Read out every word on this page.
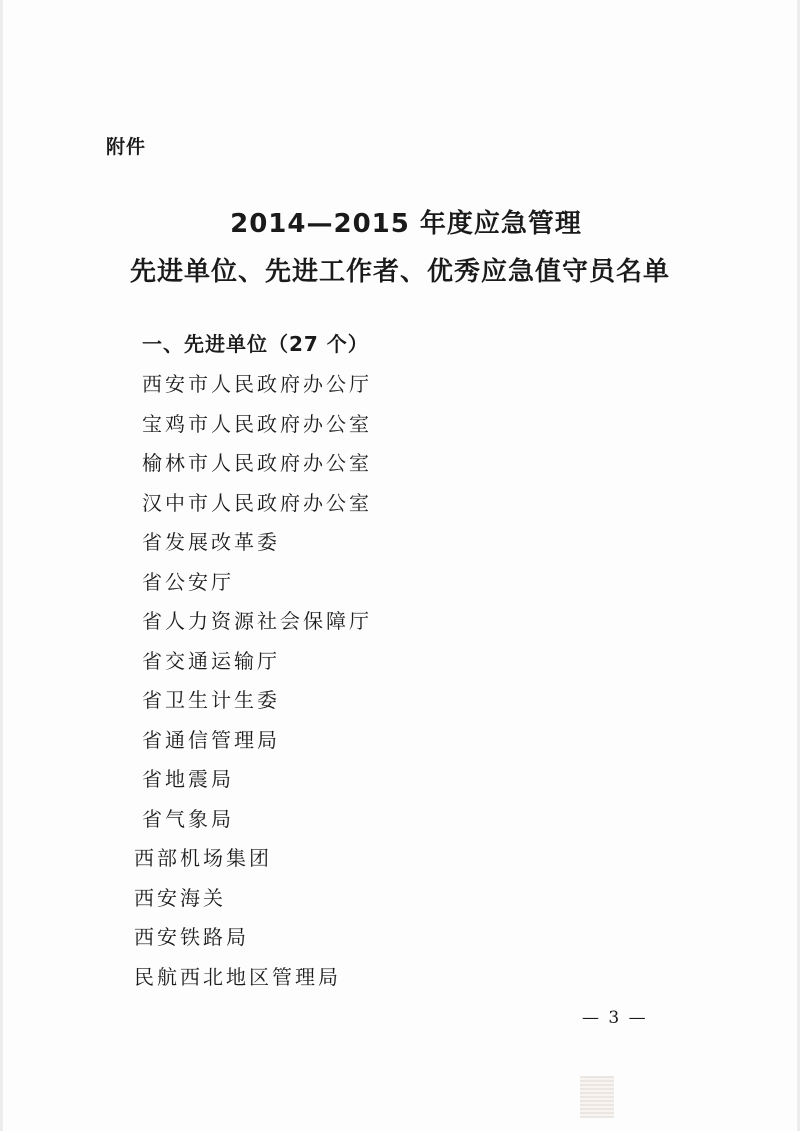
附件
2014—2015 年度应急管理
先进单位、先进工作者、优秀应急值守员名单
一、先进单位（27 个）
西安市人民政府办公厅
宝鸡市人民政府办公室
榆林市人民政府办公室
汉中市人民政府办公室
省发展改革委
省公安厅
省人力资源社会保障厅
省交通运输厅
省卫生计生委
省通信管理局
省地震局
省气象局
西部机场集团
西安海关
西安铁路局
民航西北地区管理局
— 3 —
